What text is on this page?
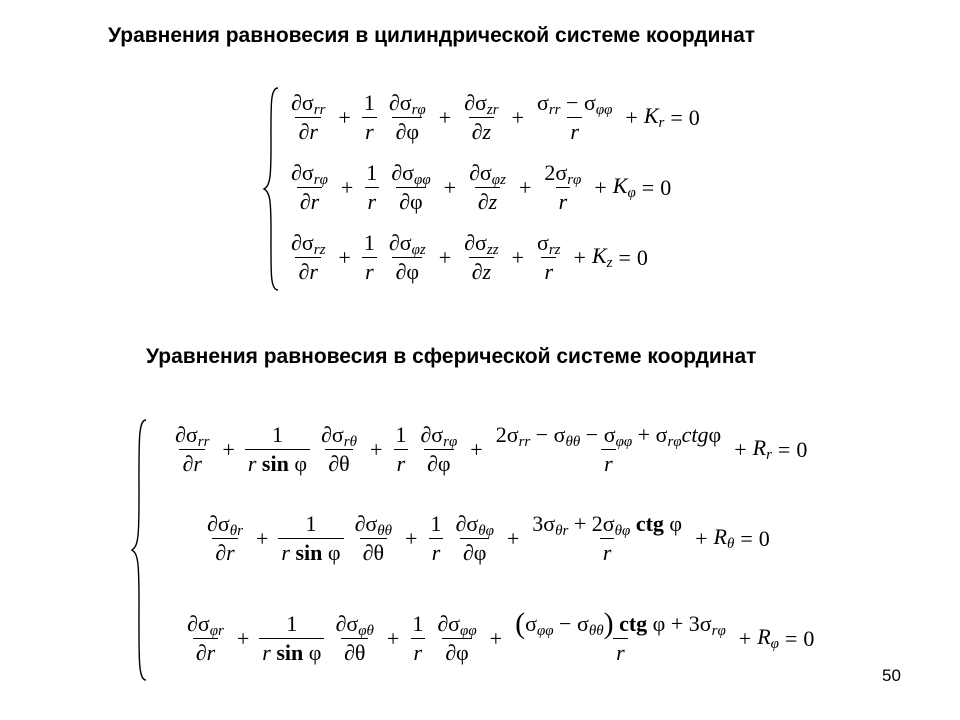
Уравнения равновесия в цилиндрической системе координат
Уравнения равновесия в сферической системе координат
$\frac{\partial\sigma_{rr}}{\partial r} + \frac{1}{r} \frac{\partial\sigma_{r\varphi}}{\partial\varphi} + \frac{\partial\sigma_{zr}}{\partial z} + \frac{\sigma_{rr} - \sigma_{\varphi\varphi}}{r} + K_r = 0$
$\frac{\partial\sigma_{r\varphi}}{\partial r} + \frac{1}{r} \frac{\partial\sigma_{\varphi\varphi}}{\partial\varphi} + \frac{\partial\sigma_{\varphi z}}{\partial z} + \frac{2\sigma_{r\varphi}}{r} + K_\varphi = 0$
$\frac{\partial\sigma_{rz}}{\partial r} + \frac{1}{r} \frac{\partial\sigma_{\varphi z}}{\partial\varphi} + \frac{\partial\sigma_{zz}}{\partial z} + \frac{\sigma_{rz}}{r} + K_z = 0$
$\frac{\partial\sigma_{rr}}{\partial r} + \frac{1}{\text{r sin φ}} \frac{\partial\sigma_{r\theta}}{\partial\theta} + \frac{1}{r} \frac{\partial\sigma_{r\varphi}}{\partial\varphi} + \frac{2\sigma_{rr} - \sigma_{\theta\theta} - \sigma_{\varphi\varphi} + \sigma_{r\varphi}ctg\varphi}{r} + R_r = 0$
$\frac{\partial\sigma_{\theta r}}{\partial r} + \frac{1}{\text{r sin φ}} \frac{\partial\sigma_{\theta\theta}}{\partial\theta} + \frac{1}{r} \frac{\partial\sigma_{\theta\varphi}}{\partial\varphi} + \frac{3\sigma_{\theta r} + 2\sigma_{\theta\varphi} ctg \varphi}{r} + R_\theta = 0$
$\frac{\partial\sigma_{\varphi r}}{\partial r} + \frac{1}{\text{r sin φ}} \frac{\partial\sigma_{\varphi\theta}}{\partial\theta} + \frac{1}{r} \frac{\partial\sigma_{\varphi\varphi}}{\partial\varphi} + \frac{(\sigma_{\varphi\varphi} - \sigma_{\theta\theta}) ctg \varphi + 3\sigma_{r\varphi}}{r} + R_\varphi = 0$
50
